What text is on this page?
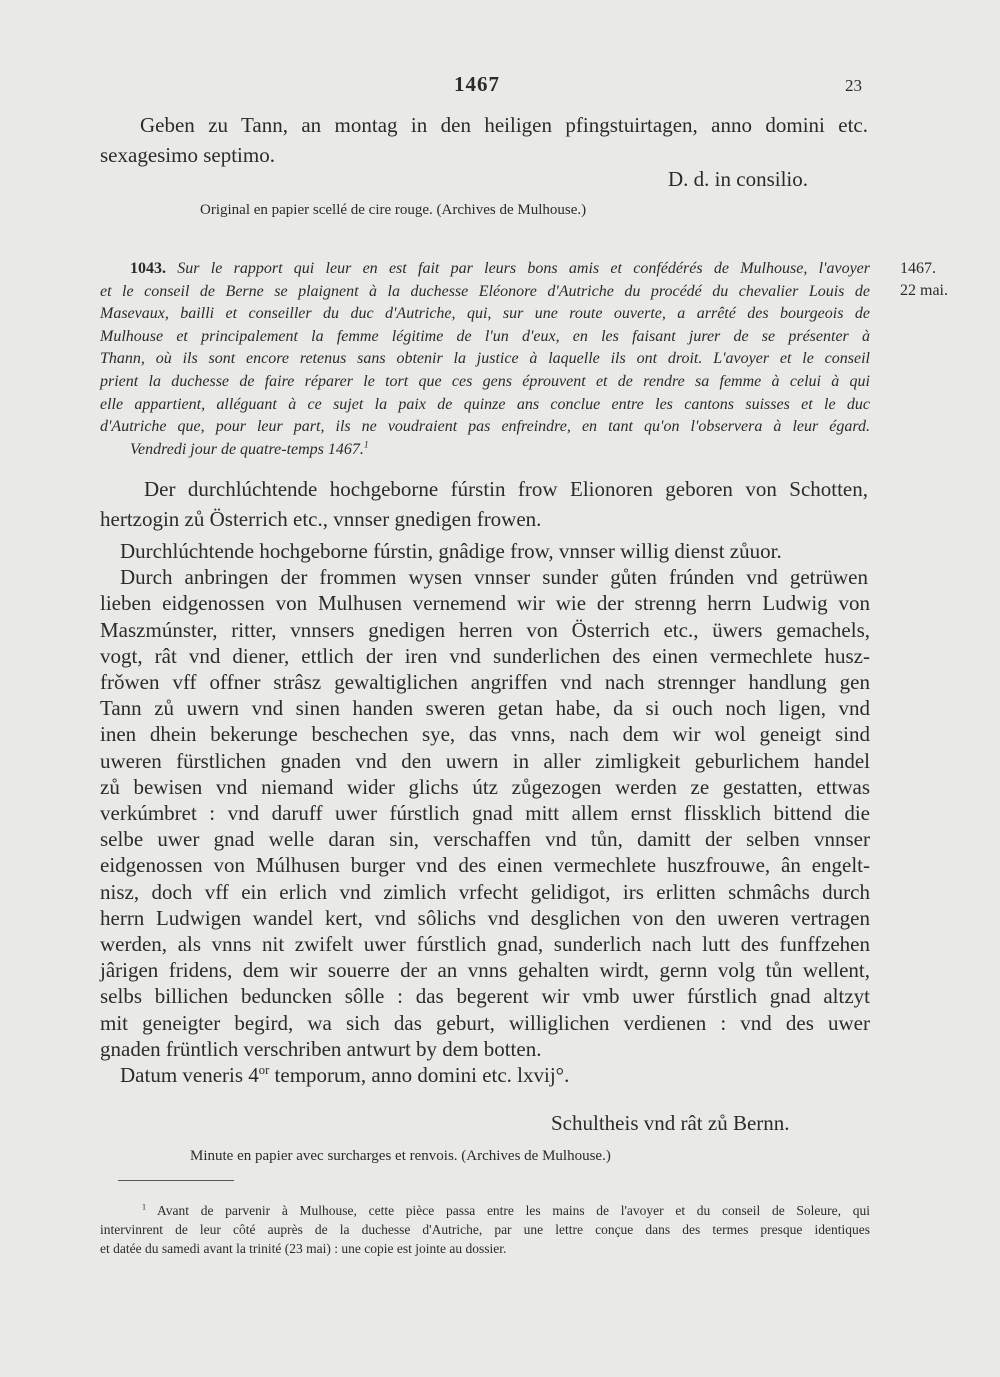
1467	23
Geben zu Tann, an montag in den heiligen pfingstuirtagen, anno domini etc.
sexagesimo septimo.
D. d. in consilio.
Original en papier scellé de cire rouge. (Archives de Mulhouse.)
1043. Sur le rapport qui leur en est fait par leurs bons amis et confédérés de Mulhouse, l'avoyer
et le conseil de Berne se plaignent à la duchesse Eléonore d'Autriche du procédé du chevalier Louis de
Masevaux, bailli et conseiller du duc d'Autriche, qui, sur une route ouverte, a arrêté des bourgeois de
Mulhouse et principalement la femme légitime de l'un d'eux, en les faisant jurer de se présenter à
Thann, où ils sont encore retenus sans obtenir la justice à laquelle ils ont droit. L'avoyer et le conseil
prient la duchesse de faire réparer le tort que ces gens éprouvent et de rendre sa femme à celui à qui
elle appartient, alléguant à ce sujet la paix de quinze ans conclue entre les cantons suisses et le duc
d'Autriche que, pour leur part, ils ne voudraient pas enfreindre, en tant qu'on l'observera à leur égard.
Vendredi jour de quatre-temps 1467.$^1$
1467.
22 mai.
Der durchlúchtende hochgeborne fúrstin frow Elionoren geboren von Schotten,
hertzogin zů Österrich etc., vnnser gnedigen frowen.
Durchlúchtende hochgeborne fúrstin, gnâdige frow, vnnser willig dienst zůuor.
Durch anbringen der frommen wysen vnnser sunder gůten frúnden vnd getrüwen
lieben eidgenossen von Mulhusen vernemend wir wie der strenng herrn Ludwig von
Maszmúnster, ritter, vnnsers gnedigen herren von Österrich etc., üwers gemachels,
vogt, rât vnd diener, ettlich der iren vnd sunderlichen des einen vermechlete husz-
frǒwen vff offner strâsz gewaltiglichen angriffen vnd nach strennger handlung gen
Tann zů uwern vnd sinen handen sweren getan habe, da si ouch noch ligen, vnd
inen dhein bekerunge beschechen sye, das vnns, nach dem wir wol geneigt sind
uweren fürstlichen gnaden vnd den uwern in aller zimligkeit geburlichem handel
zů bewisen vnd niemand wider glichs útz zůgezogen werden ze gestatten, ettwas
verkúmbret : vnd daruff uwer fúrstlich gnad mitt allem ernst flissklich bittend die
selbe uwer gnad welle daran sin, verschaffen vnd tůn, damitt der selben vnnser
eidgenossen von Múlhusen burger vnd des einen vermechlete huszfrouwe, ân engelt-
nisz, doch vff ein erlich vnd zimlich vrfecht gelidigot, irs erlitten schmâchs durch
herrn Ludwigen wandel kert, vnd sôlichs vnd desglichen von den uweren vertragen
werden, als vnns nit zwifelt uwer fúrstlich gnad, sunderlich nach lutt des funffzehen
jârigen fridens, dem wir souerre der an vnns gehalten wirdt, gernn volg tůn wellent,
selbs billichen beduncken sôlle : das begerent wir vmb uwer fúrstlich gnad altzyt
mit geneigter begird, wa sich das geburt, williglichen verdienen : vnd des uwer
gnaden früntlich verschriben antwurt by dem botten.
Datum veneris $4^{or}$ temporum, anno domini etc. lxvij°.
Schultheis vnd rât zů Bernn.
Minute en papier avec surcharges et renvois. (Archives de Mulhouse.)
$^1$ Avant de parvenir à Mulhouse, cette pièce passa entre les mains de l'avoyer et du conseil de Soleure, qui
intervinrent de leur côté auprès de la duchesse d'Autriche, par une lettre conçue dans des termes presque identiques
et datée du samedi avant la trinité (23 mai) : une copie est jointe au dossier.
